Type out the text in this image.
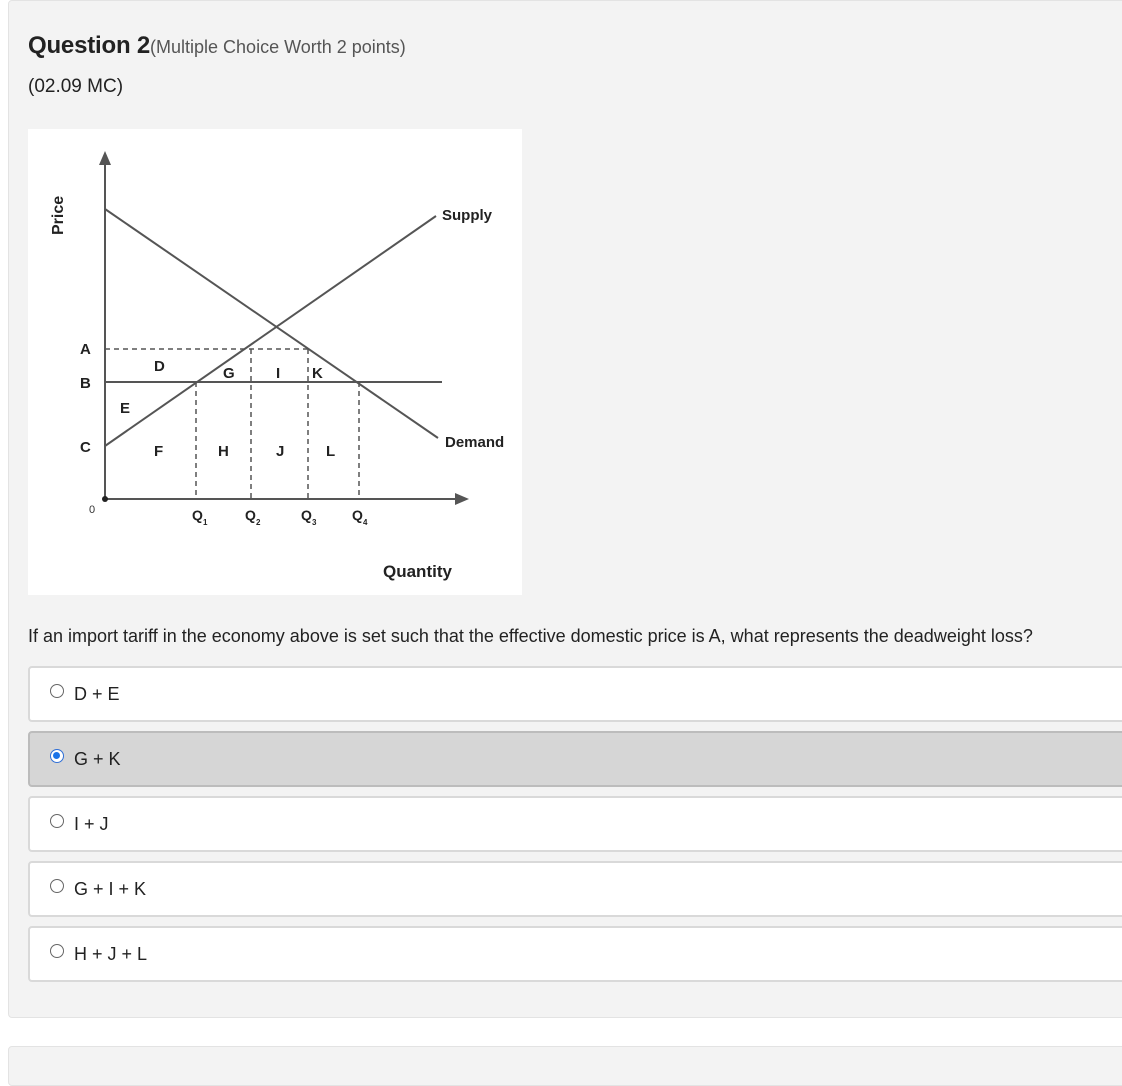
Question 2(Multiple Choice Worth 2 points)
(02.09 MC)
Price
Quantity
0
Supply
Demand
A
B
C
Q 1	Q 2	Q 3	Q 4
D
E
F
G
H
I
J
K
L
If an import tariff in the economy above is set such that the effective domestic price is A, what represents the deadweight loss?
D + E
G + K
I + J
G + I + K
H + J + L
